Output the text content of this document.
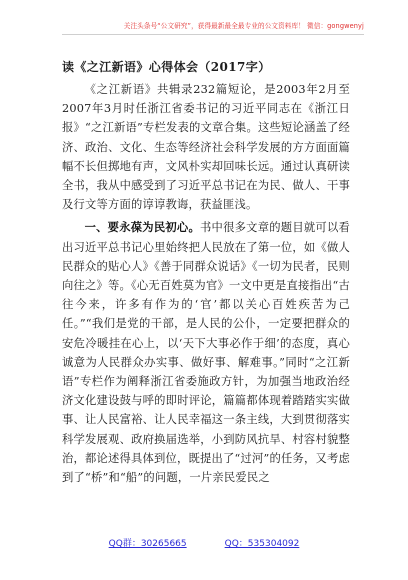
关注头条号“公文研究”，获得最新最全最专业的公文资料库！ 微信：gongwenyj
读《之江新语》心得体会（2017字）

《之江新语》共辑录232篇短论，是2003年2月至2007年3月时任浙江省委书记的习近平同志在《浙江日报》“之江新语”专栏发表的文章合集。这些短论涵盖了经济、政治、文化、生态等经济社会科学发展的方方面面篇幅不长但掷地有声，文风朴实却回味长远。通过认真研读全书，我从中感受到了习近平总书记在为民、做人、干事及行文等方面的谆谆教诲，获益匪浅。

一、要永葆为民初心。书中很多文章的题目就可以看出习近平总书记心里始终把人民放在了第一位，如《做人民群众的贴心人》《善于同群众说话》《一切为民者，民则向往之》等。《心无百姓莫为官》一文中更是直接指出“古往今来，许多有作为的‘官’都以关心百姓疾苦为己任。”“我们是党的干部，是人民的公仆，一定要把群众的安危冷暖挂在心上，以‘天下大事必作于细’的态度，真心诚意为人民群众办实事、做好事、解难事。”同时“之江新语”专栏作为阐释浙江省委施政方针，为加强当地政治经济文化建设鼓与呼的即时评论，篇篇都体现着踏踏实实做事、让人民富裕、让人民幸福这一条主线，大到贯彻落实科学发展观、政府换届选举，小到防风抗旱、村容村貌整治，都论述得具体到位，既提出了“过河”的任务，又考虑到了“桥”和“船”的问题，一片亲民爱民之

QQ群：30265665	QQ：535304092
